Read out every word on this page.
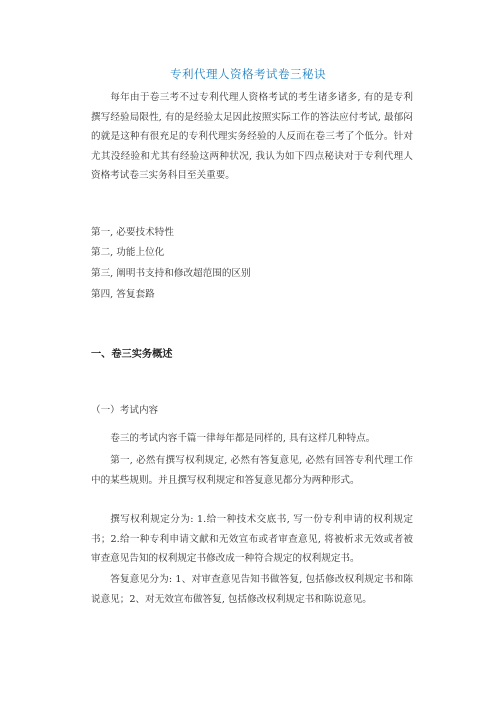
专利代理人资格考试卷三秘诀
每年由于卷三考不过专利代理人资格考试的考生诸多诸多, 有的是专利撰写经验局限性, 有的是经验太足因此按照实际工作的答法应付考试, 最郁闷的就是这种有很充足的专利代理实务经验的人反而在卷三考了个低分。针对尤其没经验和尤其有经验这两种状况, 我认为如下四点秘诀对于专利代理人资格考试卷三实务科目至关重要。
第一, 必要技术特性
第二, 功能上位化
第三, 阐明书支持和修改超范围的区别
第四, 答复套路
一、卷三实务概述
（一）考试内容
卷三的考试内容千篇一律每年都是同样的, 具有这样几种特点。
第一, 必然有撰写权利规定, 必然有答复意见, 必然有回答专利代理工作中的某些规则。并且撰写权利规定和答复意见都分为两种形式。
撰写权利规定分为: 1.给一种技术交底书, 写一份专利申请的权利规定书；2.给一种专利申请文献和无效宣布或者审查意见, 将被析求无效或者被审查意见告知的权利规定书修改成一种符合规定的权利规定书。
答复意见分为: 1、对审查意见告知书做答复, 包括修改权利规定书和陈说意见；2、对无效宣布做答复, 包括修改权利规定书和陈说意见。
